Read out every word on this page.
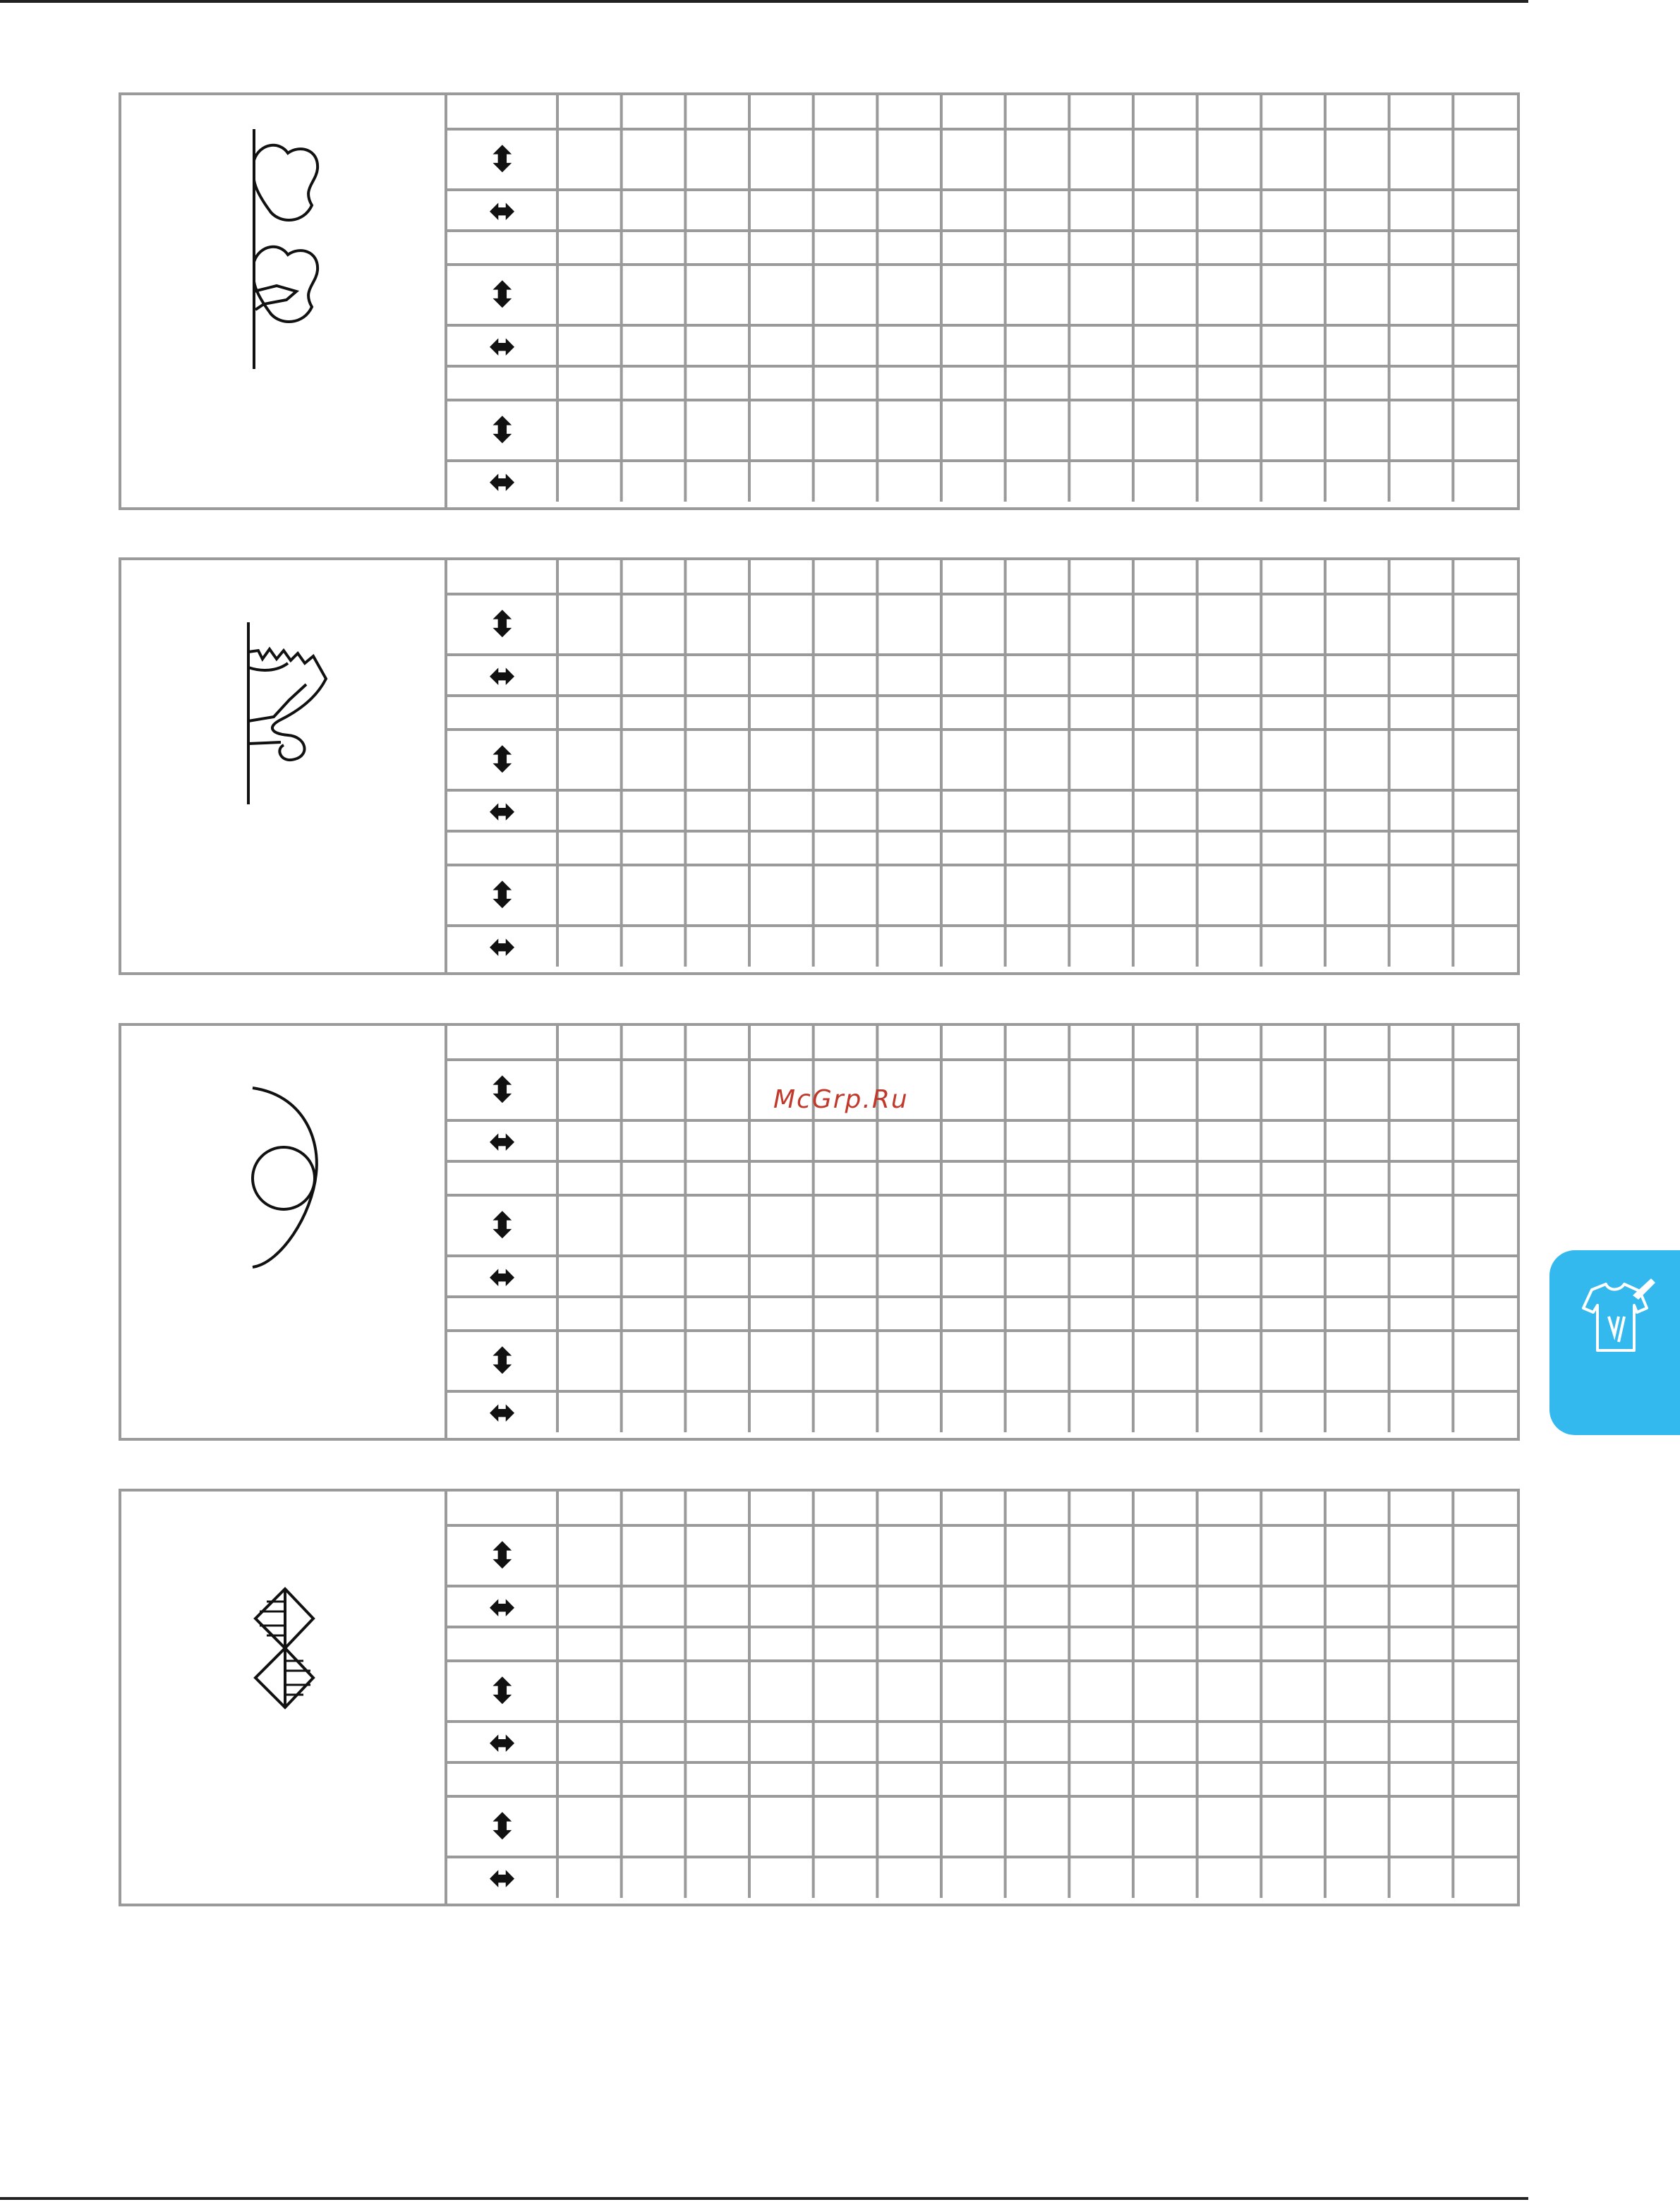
⬍
⬌
⬍
⬌
⬍
⬌
⬍
⬌
⬍
⬌
⬍
⬌
⬍
⬌
⬍
⬌
⬍
⬌
⬍
⬌
⬍
⬌
⬍
⬌
McGrp.Ru
